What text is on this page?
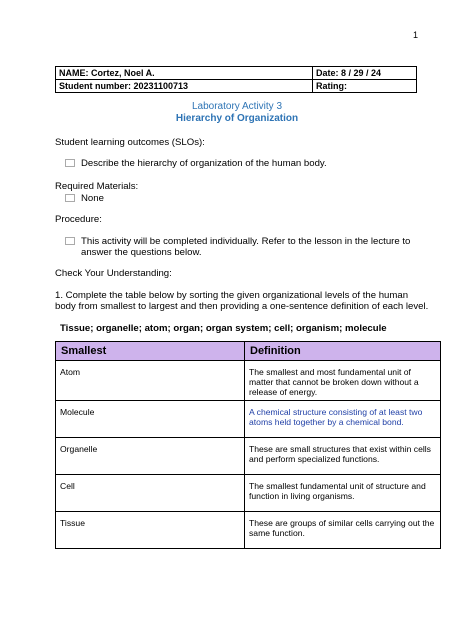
1
NAME: Cortez, Noel A.	Date: 8 / 29 / 24
Student number: 20231100713	Rating:
Laboratory Activity 3
Hierarchy of Organization
Student learning outcomes (SLOs):
Describe the hierarchy of organization of the human body.
Required Materials:
None
Procedure:
This activity will be completed individually. Refer to the lesson in the lecture to
answer the questions below.
Check Your Understanding:
1. Complete the table below by sorting the given organizational levels of the human
body from smallest to largest and then providing a one-sentence definition of each level.
Tissue; organelle; atom; organ; organ system; cell; organism; molecule
Smallest	Definition
Atom	The smallest and most fundamental unit of
matter that cannot be broken down without a
release of energy.

Molecule	A chemical structure consisting of at least two
atoms held together by a chemical bond.

Organelle	These are small structures that exist within cells
and perform specialized functions.

Cell	The smallest fundamental unit of structure and
function in living organisms.

Tissue	These are groups of similar cells carrying out the
same function.
